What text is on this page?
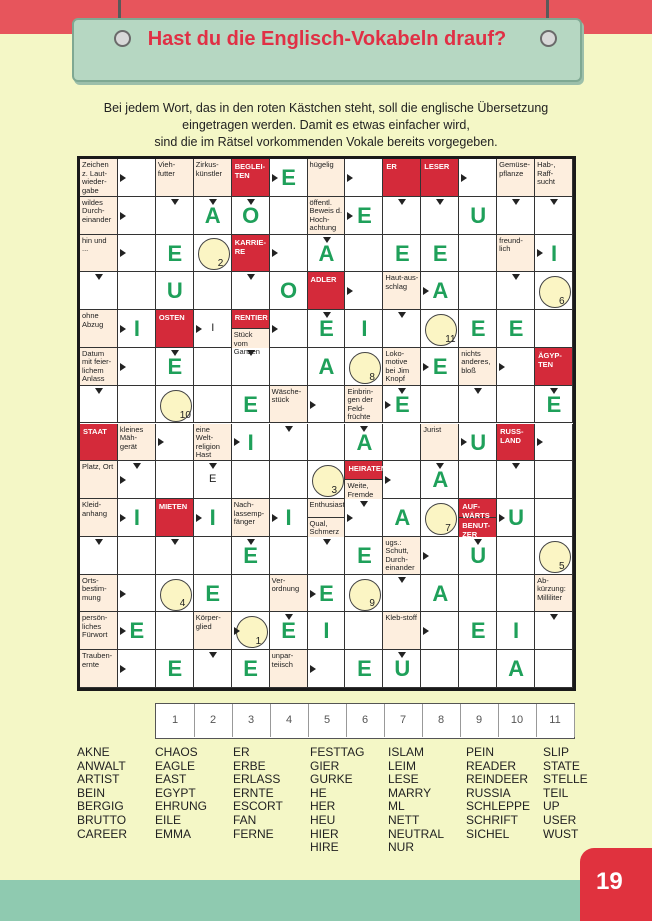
Hast du die Englisch-Vokabeln drauf?
Bei jedem Wort, das in den roten Kästchen steht, soll die englische Übersetzung
eingetragen werden. Damit es etwas einfacher wird,
sind die im Rätsel vorkommenden Vokale bereits vorgegeben.
Zeichen z. Laut-wieder-gabe
Vieh-futter
Zirkus-künstler
BEGLEI-TEN
hügelig	ER	LESER	Gemüse-pflanze
Hab-, Raff-sucht
wildes Durch-einander
öffentl. Beweis d. Hoch-achtung
hin und ...
KARRIE-RE
freund-lich
ADLER	Haut-aus-schlag
ohne Abzug
OSTEN	RENTIER
Stück vom Ganzen
Datum mit feier-lichem Anlass
Loko-motive bei Jim Knopf
nichts anderes, bloß
ÄGYP-TEN
Wäsche-stück
Einbrin-gen der Feld-früchte
STAAT	kleines Mäh-gerät
eine Welt-religion Hast
Jurist	RUSS-LAND
Platz, Ort	HEIRATEN
Weite, Fremde
Kleid-anhang
MIETEN	Nach-lassemp-fänger
Enthusiast
Qual, Schmerz
AUF-WÄRTS
BENUT-ZER
ugs.: Schutt, Durch-einander
Orts-bestim-mung
Ver-ordnung
Ab-kürzung: Milliliter
persön-liches Fürwort
Körper-glied
Kleb-stoff
Trauben-ernte
unpar-teiisch
2
6
11
8
10
3
7
5
4	9
1
E
A O	E	U
E	A	E	E	I
U	O	A
I	E	I	E	E
E	A	E
E	E	E
I	A	U
A
I	I	I	A	U
E	E	U
E	E	A
E	E	I	E	I
E	E	E	U	A
I
E
1	2	3	4	5	6	7	8	9	10	11
AKNE
ANWALT
ARTIST
BEIN
BERGIG
BRUTTO
CAREER
CHAOS
EAGLE
EAST
EGYPT
EHRUNG
EILE
EMMA
ER
ERBE
ERLASS
ERNTE
ESCORT
FAN
FERNE
FESTTAG
GIER
GURKE
HE
HER
HEU
HIER
HIRE
ISLAM
LEIM
LESE
MARRY
ML
NETT
NEUTRAL
NUR
PEIN
READER
REINDEER
RUSSIA
SCHLEPPE
SCHRIFT
SICHEL
SLIP
STATE
STELLE
TEIL
UP
USER
WUST
19
